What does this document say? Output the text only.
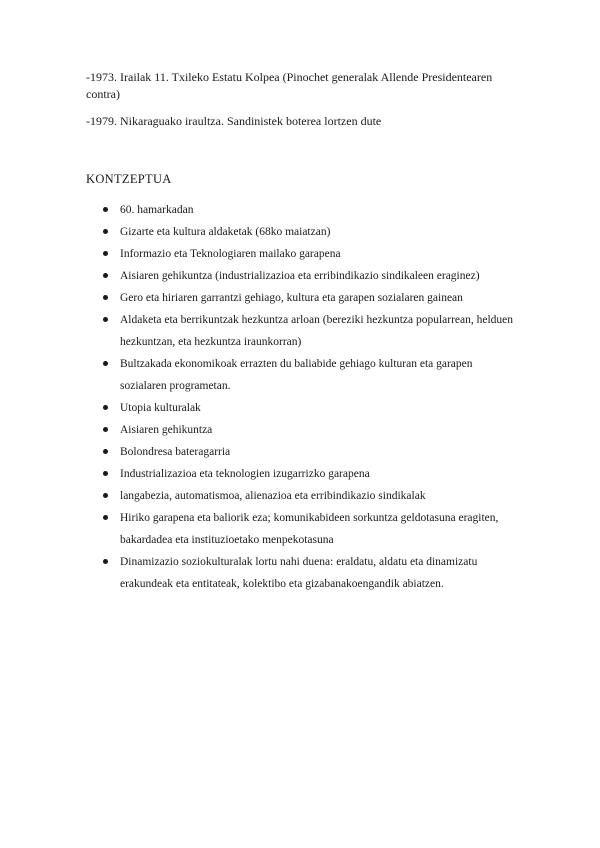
-1973. Irailak 11. Txileko Estatu Kolpea (Pinochet generalak Allende Presidentearen contra)

-1979. Nikaraguako iraultza. Sandinistek boterea lortzen dute

KONTZEPTUA
60. hamarkadan
Gizarte eta kultura aldaketak (68ko maiatzan)
Informazio eta Teknologiaren mailako garapena
Aisiaren gehikuntza (industrializazioa eta erribindikazio sindikaleen eraginez)
Gero eta hiriaren garrantzi gehiago, kultura eta garapen sozialaren gainean
Aldaketa eta berrikuntzak hezkuntza arloan (bereziki hezkuntza popularrean, helduen hezkuntzan, eta hezkuntza iraunkorran)
Bultzakada ekonomikoak errazten du baliabide gehiago kulturan eta garapen sozialaren programetan.
Utopia kulturalak
Aisiaren gehikuntza
Bolondresa bateragarria
Industrializazioa eta teknologien izugarrizko garapena
langabezia, automatismoa, alienazioa eta erribindikazio sindikalak
Hiriko garapena eta baliorik eza; komunikabideen sorkuntza geldotasuna eragiten, bakardadea eta instituzioetako menpekotasuna
Dinamizazio soziokulturalak lortu nahi duena: eraldatu, aldatu eta dinamizatu erakundeak eta entitateak, kolektibo eta gizabanakoengandik abiatzen.
